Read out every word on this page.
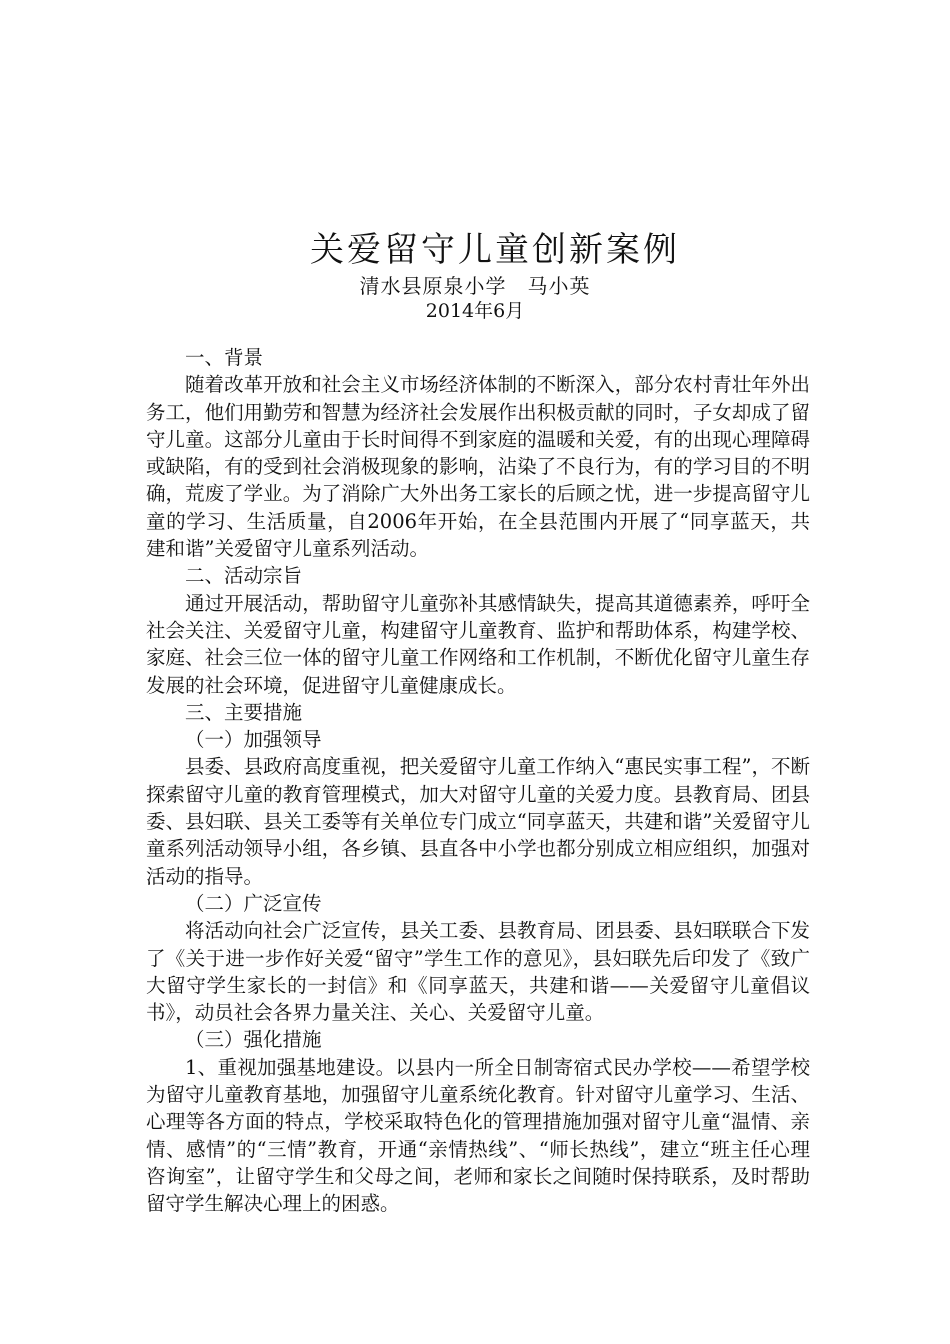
关爱留守儿童创新案例
清水县原泉小学　马小英
2014年6月

一、背景

随着改革开放和社会主义市场经济体制的不断深入，部分农村青壮年外出务工，他们用勤劳和智慧为经济社会发展作出积极贡献的同时，子女却成了留守儿童。这部分儿童由于长时间得不到家庭的温暖和关爱，有的出现心理障碍或缺陷，有的受到社会消极现象的影响，沾染了不良行为，有的学习目的不明确，荒废了学业。为了消除广大外出务工家长的后顾之忧，进一步提高留守儿童的学习、生活质量，自2006年开始，在全县范围内开展了“同享蓝天，共建和谐”关爱留守儿童系列活动。

二、活动宗旨

通过开展活动，帮助留守儿童弥补其感情缺失，提高其道德素养，呼吁全社会关注、关爱留守儿童，构建留守儿童教育、监护和帮助体系，构建学校、家庭、社会三位一体的留守儿童工作网络和工作机制，不断优化留守儿童生存发展的社会环境，促进留守儿童健康成长。

三、主要措施

（一）加强领导

县委、县政府高度重视，把关爱留守儿童工作纳入“惠民实事工程”，不断探索留守儿童的教育管理模式，加大对留守儿童的关爱力度。县教育局、团县委、县妇联、县关工委等有关单位专门成立“同享蓝天，共建和谐”关爱留守儿童系列活动领导小组，各乡镇、县直各中小学也都分别成立相应组织，加强对活动的指导。

（二）广泛宣传

将活动向社会广泛宣传，县关工委、县教育局、团县委、县妇联联合下发了《关于进一步作好关爱“留守”学生工作的意见》，县妇联先后印发了《致广大留守学生家长的一封信》和《同享蓝天，共建和谐——关爱留守儿童倡议书》，动员社会各界力量关注、关心、关爱留守儿童。

（三）强化措施

1、重视加强基地建设。以县内一所全日制寄宿式民办学校——希望学校为留守儿童教育基地，加强留守儿童系统化教育。针对留守儿童学习、生活、心理等各方面的特点，学校采取特色化的管理措施加强对留守儿童“温情、亲情、感情”的“三情”教育，开通“亲情热线”、“师长热线”，建立“班主任心理咨询室”，让留守学生和父母之间，老师和家长之间随时保持联系，及时帮助留守学生解决心理上的困惑。
